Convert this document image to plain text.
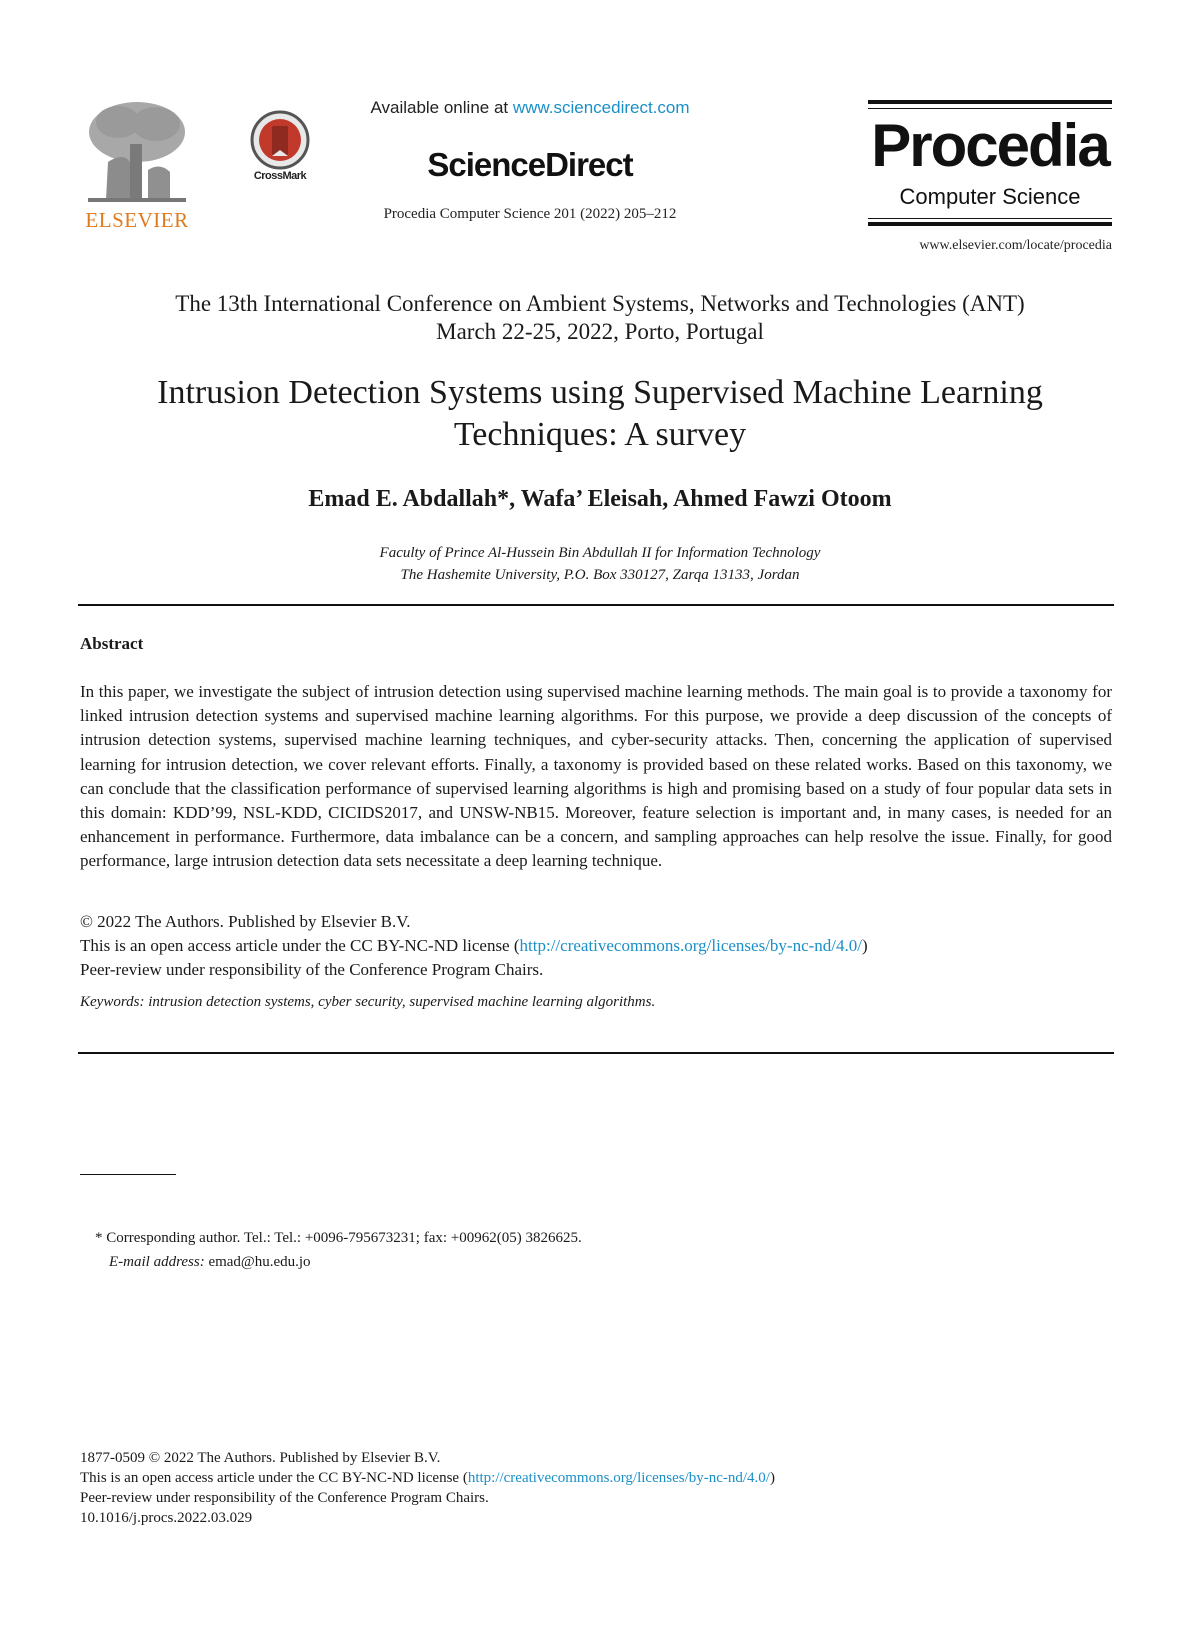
ELSEVIER
CrossMark
Available online at www.sciencedirect.com
ScienceDirect
Procedia Computer Science 201 (2022) 205–212
Procedia
Computer Science
www.elsevier.com/locate/procedia
The 13th International Conference on Ambient Systems, Networks and Technologies (ANT)
March 22-25, 2022, Porto, Portugal
Intrusion Detection Systems using Supervised Machine Learning
Techniques: A survey
Emad E. Abdallah*, Wafa’ Eleisah, Ahmed Fawzi Otoom
Faculty of Prince Al-Hussein Bin Abdullah II for Information Technology
The Hashemite University, P.O. Box 330127, Zarqa 13133, Jordan
Abstract
In this paper, we investigate the subject of intrusion detection using supervised machine learning methods. The main goal is to provide a taxonomy for linked intrusion detection systems and supervised machine learning algorithms. For this purpose, we provide a deep discussion of the concepts of intrusion detection systems, supervised machine learning techniques, and cyber-security attacks. Then, concerning the application of supervised learning for intrusion detection, we cover relevant efforts. Finally, a taxonomy is provided based on these related works. Based on this taxonomy, we can conclude that the classification performance of supervised learning algorithms is high and promising based on a study of four popular data sets in this domain: KDD’99, NSL-KDD, CICIDS2017, and UNSW-NB15. Moreover, feature selection is important and, in many cases, is needed for an enhancement in performance. Furthermore, data imbalance can be a concern, and sampling approaches can help resolve the issue. Finally, for good performance, large intrusion detection data sets necessitate a deep learning technique.
© 2022 The Authors. Published by Elsevier B.V.
This is an open access article under the CC BY-NC-ND license (http://creativecommons.org/licenses/by-nc-nd/4.0/)
Peer-review under responsibility of the Conference Program Chairs.
Keywords: intrusion detection systems, cyber security, supervised machine learning algorithms.
* Corresponding author. Tel.: Tel.: +0096-795673231; fax: +00962(05) 3826625.
E-mail address: emad@hu.edu.jo
1877-0509 © 2022 The Authors. Published by Elsevier B.V.
This is an open access article under the CC BY-NC-ND license (http://creativecommons.org/licenses/by-nc-nd/4.0/)
Peer-review under responsibility of the Conference Program Chairs.
10.1016/j.procs.2022.03.029
